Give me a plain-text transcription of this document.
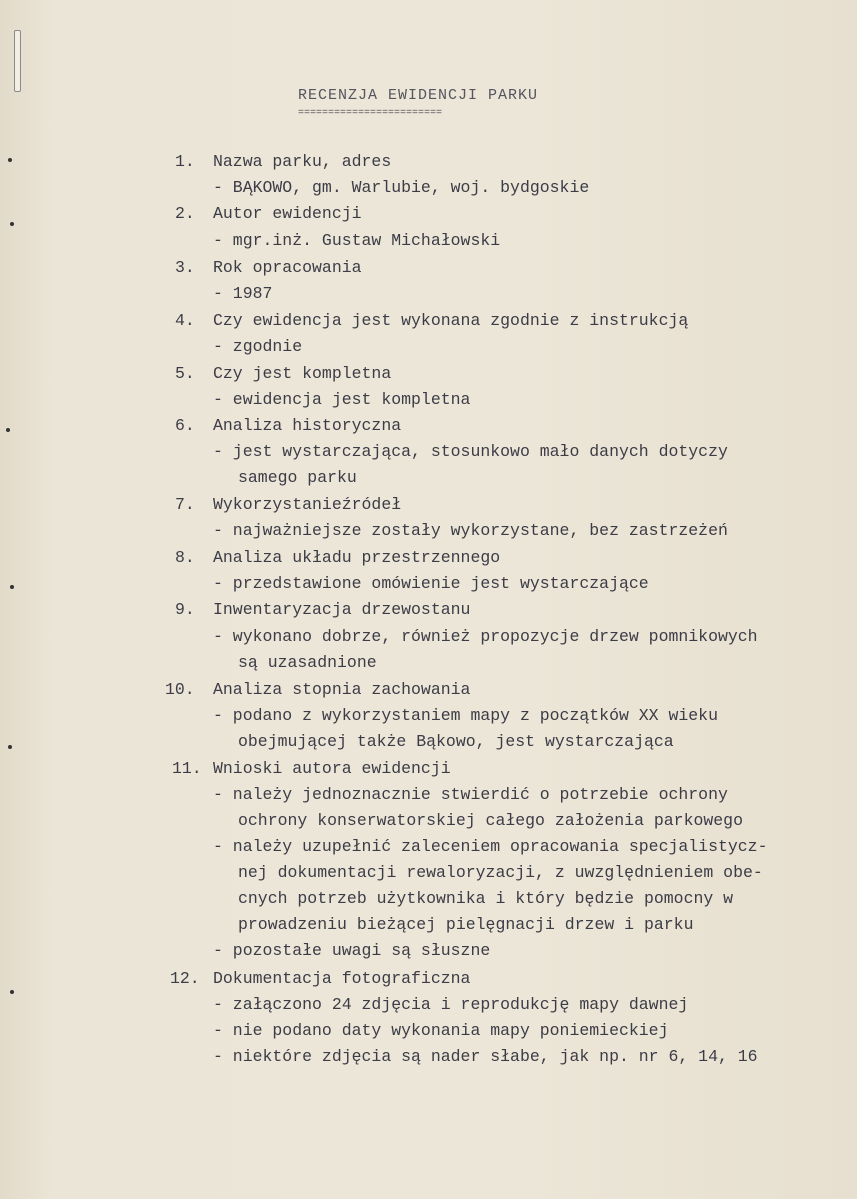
RECENZJA EWIDENCJI PARKU
========================
1. Nazwa parku, adres
- BĄKOWO, gm. Warlubie, woj. bydgoskie
2. Autor ewidencji
- mgr.inż. Gustaw Michałowski
3. Rok opracowania
- 1987
4. Czy ewidencja jest wykonana zgodnie z instrukcją
- zgodnie
5. Czy jest kompletna
- ewidencja jest kompletna
6. Analiza historyczna
- jest wystarczająca, stosunkowo mało danych dotyczy
samego parku
7. Wykorzystanieźródeł
- najważniejsze zostały wykorzystane, bez zastrzeżeń
8. Analiza układu przestrzennego
- przedstawione omówienie jest wystarczające
9. Inwentaryzacja drzewostanu
- wykonano dobrze, również propozycje drzew pomnikowych
są uzasadnione
10. Analiza stopnia zachowania
- podano z wykorzystaniem mapy z początków XX wieku
obejmującej także Bąkowo, jest wystarczająca
11. Wnioski autora ewidencji
- należy jednoznacznie stwierdić o potrzebie ochrony
ochrony konserwatorskiej całego założenia parkowego
- należy uzupełnić zaleceniem opracowania specjalistycz-
nej dokumentacji rewaloryzacji, z uwzględnieniem obe-
cnych potrzeb użytkownika i który będzie pomocny w
prowadzeniu bieżącej pielęgnacji drzew i parku
- pozostałe uwagi są słuszne
12. Dokumentacja fotograficzna
- załączono 24 zdjęcia i reprodukcję mapy dawnej
- nie podano daty wykonania mapy poniemieckiej
- niektóre zdjęcia są nader słabe, jak np. nr 6, 14, 16
